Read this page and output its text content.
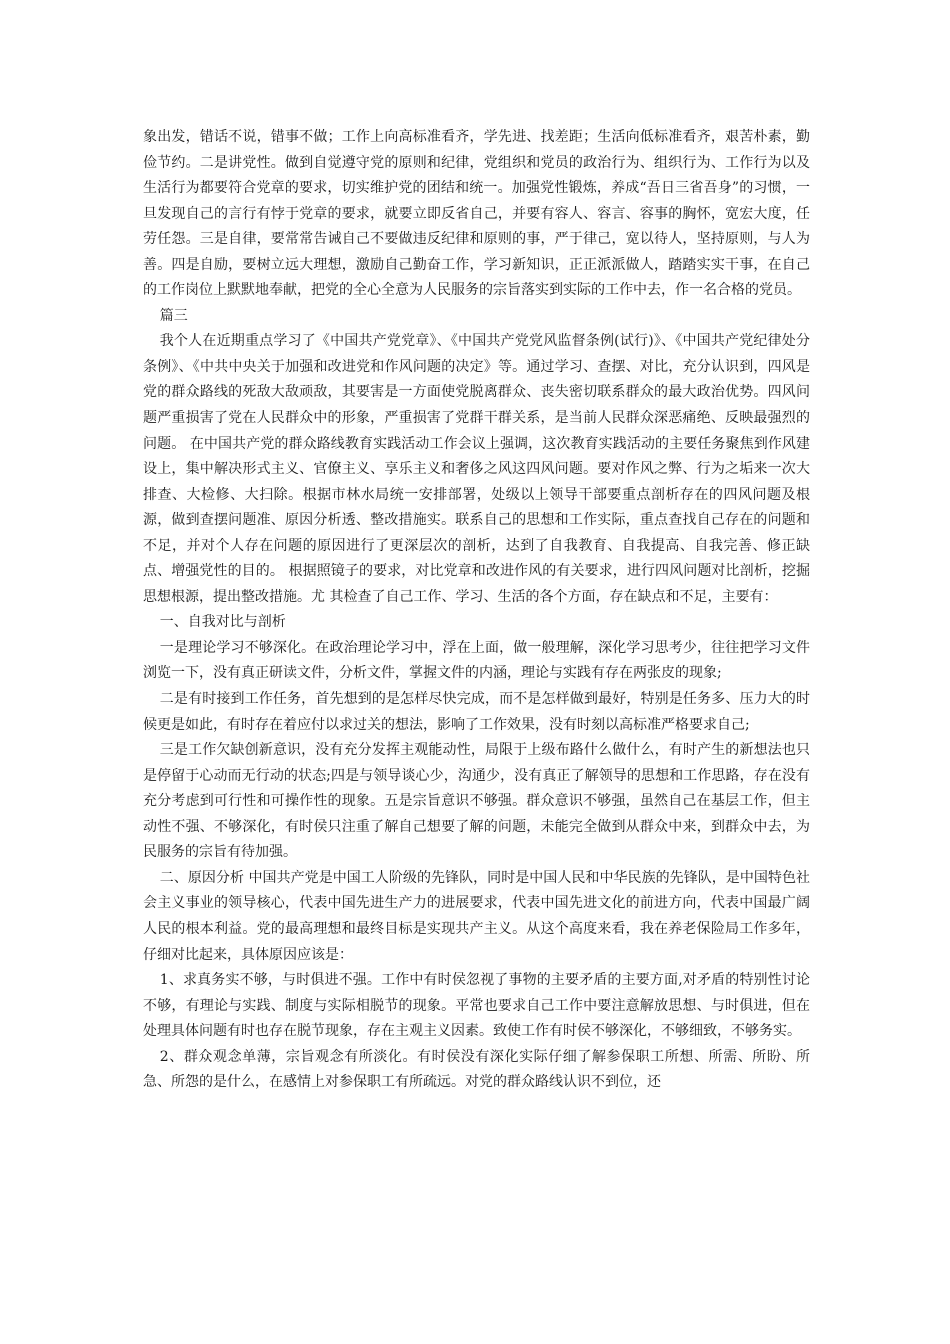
象出发，错话不说，错事不做；工作上向高标准看齐，学先进、找差距；生活向低标准看齐，艰苦朴素，勤俭节约。二是讲党性。做到自觉遵守党的原则和纪律，党组织和党员的政治行为、组织行为、工作行为以及生活行为都要符合党章的要求，切实维护党的团结和统一。加强党性锻炼，养成“吾日三省吾身”的习惯，一旦发现自己的言行有悖于党章的要求，就要立即反省自己，并要有容人、容言、容事的胸怀，宽宏大度，任劳任怨。三是自律，要常常告诫自己不要做违反纪律和原则的事，严于律己，宽以待人，坚持原则，与人为善。四是自励，要树立远大理想，激励自己勤奋工作，学习新知识，正正派派做人，踏踏实实干事，在自己的工作岗位上默默地奉献，把党的全心全意为人民服务的宗旨落实到实际的工作中去，作一名合格的党员。

篇三

我个人在近期重点学习了《中国共产党党章》、《中国共产党党风监督条例(试行)》、《中国共产党纪律处分条例》、《中共中央关于加强和改进党和作风问题的决定》等。通过学习、查摆、对比，充分认识到，四风是党的群众路线的死敌大敌顽敌，其要害是一方面使党脱离群众、丧失密切联系群众的最大政治优势。四风问题严重损害了党在人民群众中的形象，严重损害了党群干群关系，是当前人民群众深恶痛绝、反映最强烈的问题。 在中国共产党的群众路线教育实践活动工作会议上强调，这次教育实践活动的主要任务聚焦到作风建设上，集中解决形式主义、官僚主义、享乐主义和奢侈之风这四风问题。要对作风之弊、行为之垢来一次大排查、大检修、大扫除。根据市林水局统一安排部署，处级以上领导干部要重点剖析存在的四风问题及根源，做到查摆问题准、原因分析透、整改措施实。联系自己的思想和工作实际，重点查找自己存在的问题和不足，并对个人存在问题的原因进行了更深层次的剖析，达到了自我教育、自我提高、自我完善、修正缺点、增强党性的目的。 根据照镜子的要求，对比党章和改进作风的有关要求，进行四风问题对比剖析，挖掘思想根源，提出整改措施。尤 其检查了自己工作、学习、生活的各个方面，存在缺点和不足，主要有：

一、自我对比与剖析

一是理论学习不够深化。在政治理论学习中，浮在上面，做一般理解，深化学习思考少，往往把学习文件浏览一下，没有真正研读文件，分析文件，掌握文件的内涵，理论与实践有存在两张皮的现象;

二是有时接到工作任务，首先想到的是怎样尽快完成，而不是怎样做到最好，特别是任务多、压力大的时候更是如此，有时存在着应付以求过关的想法，影响了工作效果，没有时刻以高标准严格要求自己;

三是工作欠缺创新意识，没有充分发挥主观能动性，局限于上级布路什么做什么，有时产生的新想法也只是停留于心动而无行动的状态;四是与领导谈心少，沟通少，没有真正了解领导的思想和工作思路，存在没有充分考虑到可行性和可操作性的现象。五是宗旨意识不够强。群众意识不够强，虽然自己在基层工作，但主动性不强、不够深化，有时侯只注重了解自己想要了解的问题，未能完全做到从群众中来，到群众中去，为民服务的宗旨有待加强。

二、原因分析 中国共产党是中国工人阶级的先锋队，同时是中国人民和中华民族的先锋队，是中国特色社会主义事业的领导核心，代表中国先进生产力的进展要求，代表中国先进文化的前进方向，代表中国最广阔人民的根本利益。党的最高理想和最终目标是实现共产主义。从这个高度来看，我在养老保险局工作多年，仔细对比起来，具体原因应该是：

1、求真务实不够，与时俱进不强。工作中有时侯忽视了事物的主要矛盾的主要方面,对矛盾的特别性讨论不够，有理论与实践、制度与实际相脱节的现象。平常也要求自己工作中要注意解放思想、与时俱进，但在处理具体问题有时也存在脱节现象，存在主观主义因素。致使工作有时侯不够深化，不够细致，不够务实。

2、群众观念单薄，宗旨观念有所淡化。有时侯没有深化实际仔细了解参保职工所想、所需、所盼、所急、所怨的是什么，在感情上对参保职工有所疏远。对党的群众路线认识不到位，还
